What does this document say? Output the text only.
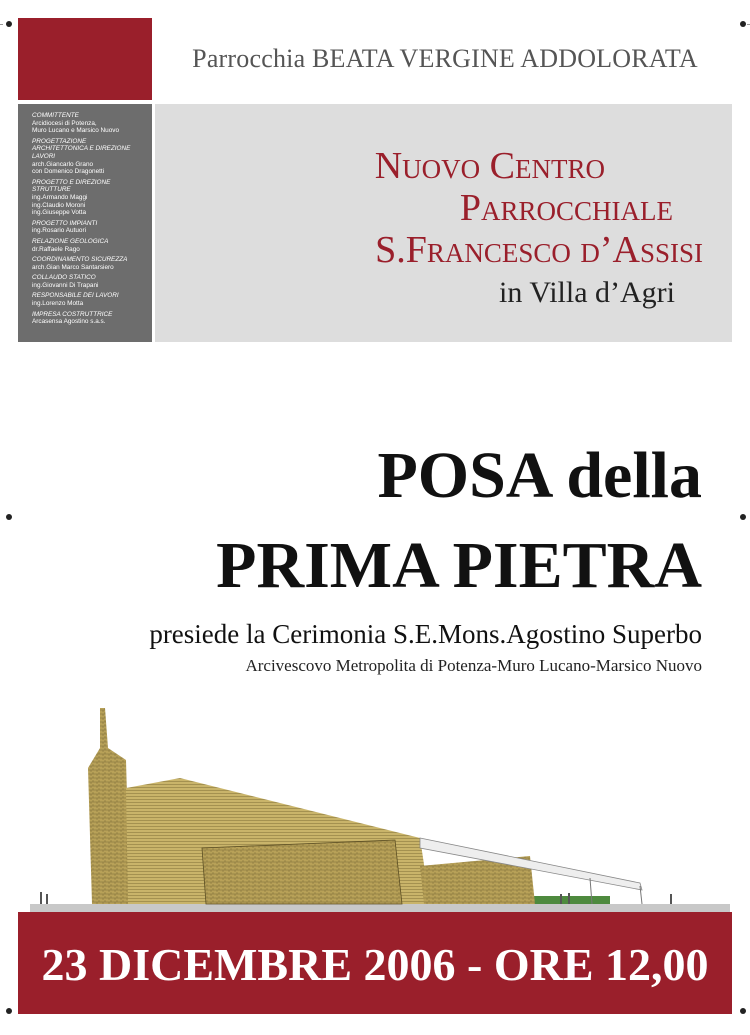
Parrocchia BEATA VERGINE ADDOLORATA
COMMITTENTE
Arcidiocesi di Potenza,
Muro Lucano e Marsico Nuovo
PROGETTAZIONE ARCHITETTONICA E DIREZIONE LAVORI
arch.Giancarlo Grano
con Domenico Dragonetti
PROGETTO E DIREZIONE STRUTTURE
ing.Armando Maggi
ing.Claudio Moroni
ing.Giuseppe Votta
PROGETTO IMPIANTI
ing.Rosario Autuori
RELAZIONE GEOLOGICA
dr.Raffaele Rago
COORDINAMENTO SICUREZZA
arch.Gian Marco Santarsiero
COLLAUDO STATICO
ing.Giovanni Di Trapani
RESPONSABILE DEI LAVORI
ing.Lorenzo Motta
IMPRESA COSTRUTTRICE
Arcasensa Agostino s.a.s.
Nuovo Centro
Parrocchiale
S.Francesco d’Assisi
in Villa d’Agri
POSA della
PRIMA PIETRA
presiede la Cerimonia S.E.Mons.Agostino Superbo
Arcivescovo Metropolita di Potenza-Muro Lucano-Marsico Nuovo
23 DICEMBRE 2006 - ORE 12,00
